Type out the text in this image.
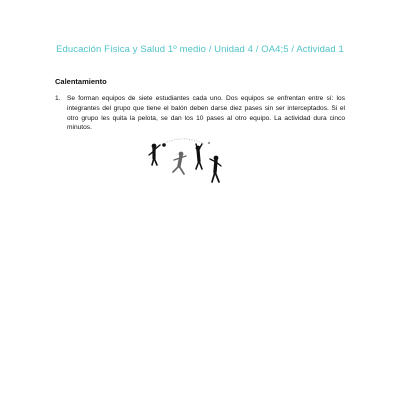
Educación Física y Salud 1º medio / Unidad 4 / OA4;5 / Actividad 1
Calentamiento
1. Se forman equipos de siete estudiantes cada uno. Dos equipos se enfrentan entre sí: los integrantes del grupo que tiene el balón deben darse diez pases sin ser interceptados. Si el otro grupo les quita la pelota, se dan los 10 pases al otro equipo. La actividad dura cinco minutos.
